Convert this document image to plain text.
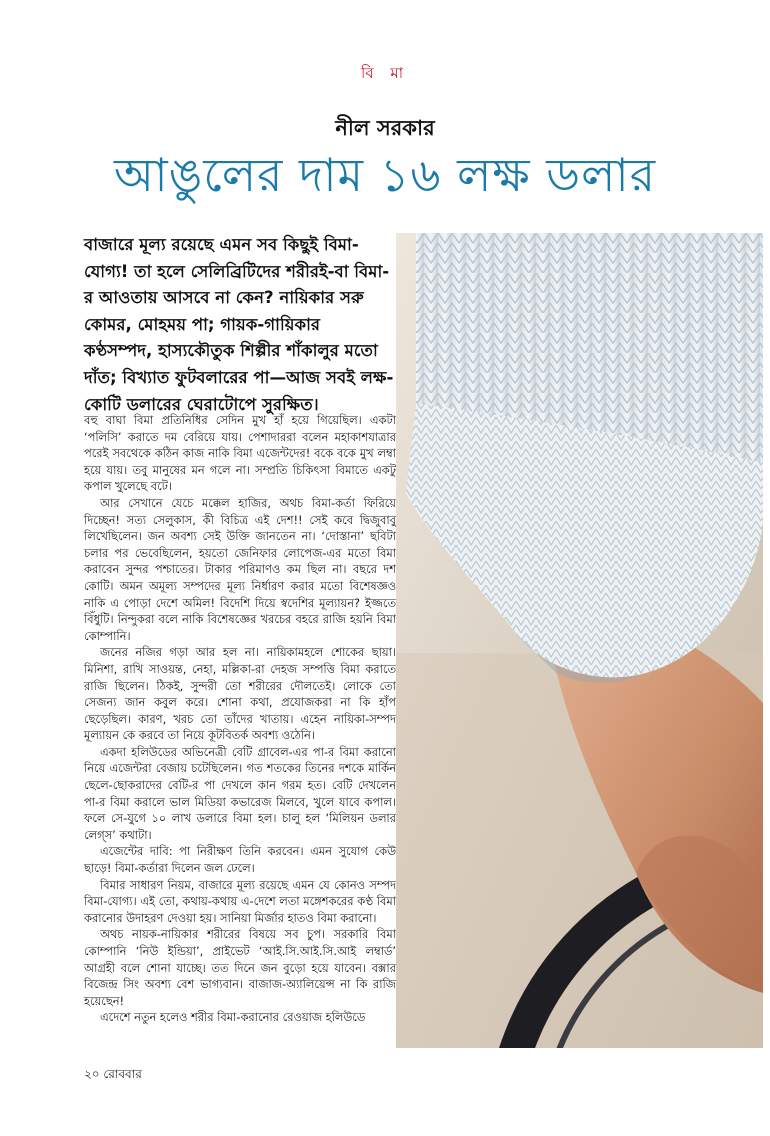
বি মা
নীল সরকার
আঙুলের দাম ১৬ লক্ষ ডলার

বাজারে মূল্য রয়েছে এমন সব কিছুই বিমা-যোগ্য! তা হলে সেলিব্রিটিদের শরীরই-বা বিমা-র আওতায় আসবে না কেন? নায়িকার সরু কোমর, মোহময় পা; গায়ক-গায়িকার কণ্ঠসম্পদ, হাস্যকৌতুক শিল্পীর শাঁকালুর মতো দাঁত; বিখ্যাত ফুটবলারের পা—আজ সবই লক্ষ-কোটি ডলারের ঘেরাটোপে সুরক্ষিত।

বহু বাঘা বিমা প্রতিনিধির সেদিন মুখ হাঁ হয়ে গিয়েছিল। একটা ‘পলিসি’ করাতে দম বেরিয়ে যায়। পেশাদাররা বলেন মহাকাশযাত্রার পরেই সবথেকে কঠিন কাজ নাকি বিমা এজেন্টদের! বকে বকে মুখ লম্বা হয়ে যায়। তবু মানুষের মন গলে না। সম্প্রতি চিকিৎসা বিমাতে একটু কপাল খুলেছে বটে।

আর সেখানে যেচে মক্কেল হাজির, অথচ বিমা-কর্তা ফিরিয়ে দিচ্ছেন! সত্য সেলুকাস, কী বিচিত্র এই দেশ!! সেই কবে দ্বিজুবাবু লিখেছিলেন। জন অবশ্য সেই উক্তি জানতেন না। ‘দোস্তানা’ ছবিটা চলার পর ভেবেছিলেন, হয়তো জেনিফার লোপেজ-এর মতো বিমা করাবেন সুন্দর পশ্চাতের। টাকার পরিমাণও কম ছিল না। বছরে দশ কোটি। অমন অমূল্য সম্পদের মূল্য নির্ধারণ করার মতো বিশেষজ্ঞও নাকি এ পোড়া দেশে অমিল! বিদেশি দিয়ে স্বদেশির মূল্যায়ন? ইজ্জতে বিঁধুটি। নিন্দুকরা বলে নাকি বিশেষজ্ঞের খরচের বহরে রাজি হয়নি বিমা কোম্পানি।

জনের নজির গড়া আর হল না। নায়িকামহলে শোকের ছায়া। মিনিশা, রাখি সাওয়ন্ত, নেহা, মল্লিকা-রা দেহজ সম্পত্তি বিমা করাতে রাজি ছিলেন। ঠিকই, সুন্দরী তো শরীরের দৌলতেই। লোকে তো সেজন্য জান কবুল করে। শোনা কথা, প্রযোজকরা না কি হাঁপ ছেড়েছিল। কারণ, খরচ তো তাঁদের খাতায়। এহেন নায়িকা-সম্পদ মূল্যায়ন কে করবে তা নিয়ে কূটবিতর্ক অবশ্য ওঠেনি।

একদা হলিউডের অভিনেত্রী বেটি গ্রাবেল-এর পা-র বিমা করানো নিয়ে এজেন্টরা বেজায় চটেছিলেন। গত শতকের তিনের দশকে মার্কিন ছেলে-ছোকরাদের বেটি-র পা দেখলে কান গরম হত। বেটি দেখলেন পা-র বিমা করালে ভাল মিডিয়া কভারেজ মিলবে, খুলে যাবে কপাল। ফলে সে-যুগে ১০ লাখ ডলারে বিমা হল। চালু হল ‘মিলিয়ন ডলার লেগ্‌স’ কথাটা।

এজেন্টের দাবি: পা নিরীক্ষণ তিনি করবেন। এমন সুযোগ কেউ ছাড়ে! বিমা-কর্তারা দিলেন জল ঢেলে।

বিমার সাধারণ নিয়ম, বাজারে মূল্য রয়েছে এমন যে কোনও সম্পদ বিমা-যোগ্য। এই তো, কথায়-কথায় এ-দেশে লতা মঙ্গেশকরের কণ্ঠ বিমা করানোর উদাহরণ দেওয়া হয়। সানিয়া মির্জার হাতও বিমা করানো।

অথচ নায়ক-নায়িকার শরীরের বিষয়ে সব চুপ। সরকারি বিমা কোম্পানি ‘নিউ ইন্ডিয়া’, প্রাইভেট ‘আই.সি.আই.সি.আই লম্বার্ড’ আগ্রহী বলে শোনা যাচ্ছে। তত দিনে জন বুড়ো হয়ে যাবেন। বক্সার বিজেন্দ্র সিং অবশ্য বেশ ভাগ্যবান। বাজাজ-অ্যালিয়েন্স না কি রাজি হয়েছেন!

এদেশে নতুন হলেও শরীর বিমা-করানোর রেওয়াজ হলিউডে

২০ রোববার
